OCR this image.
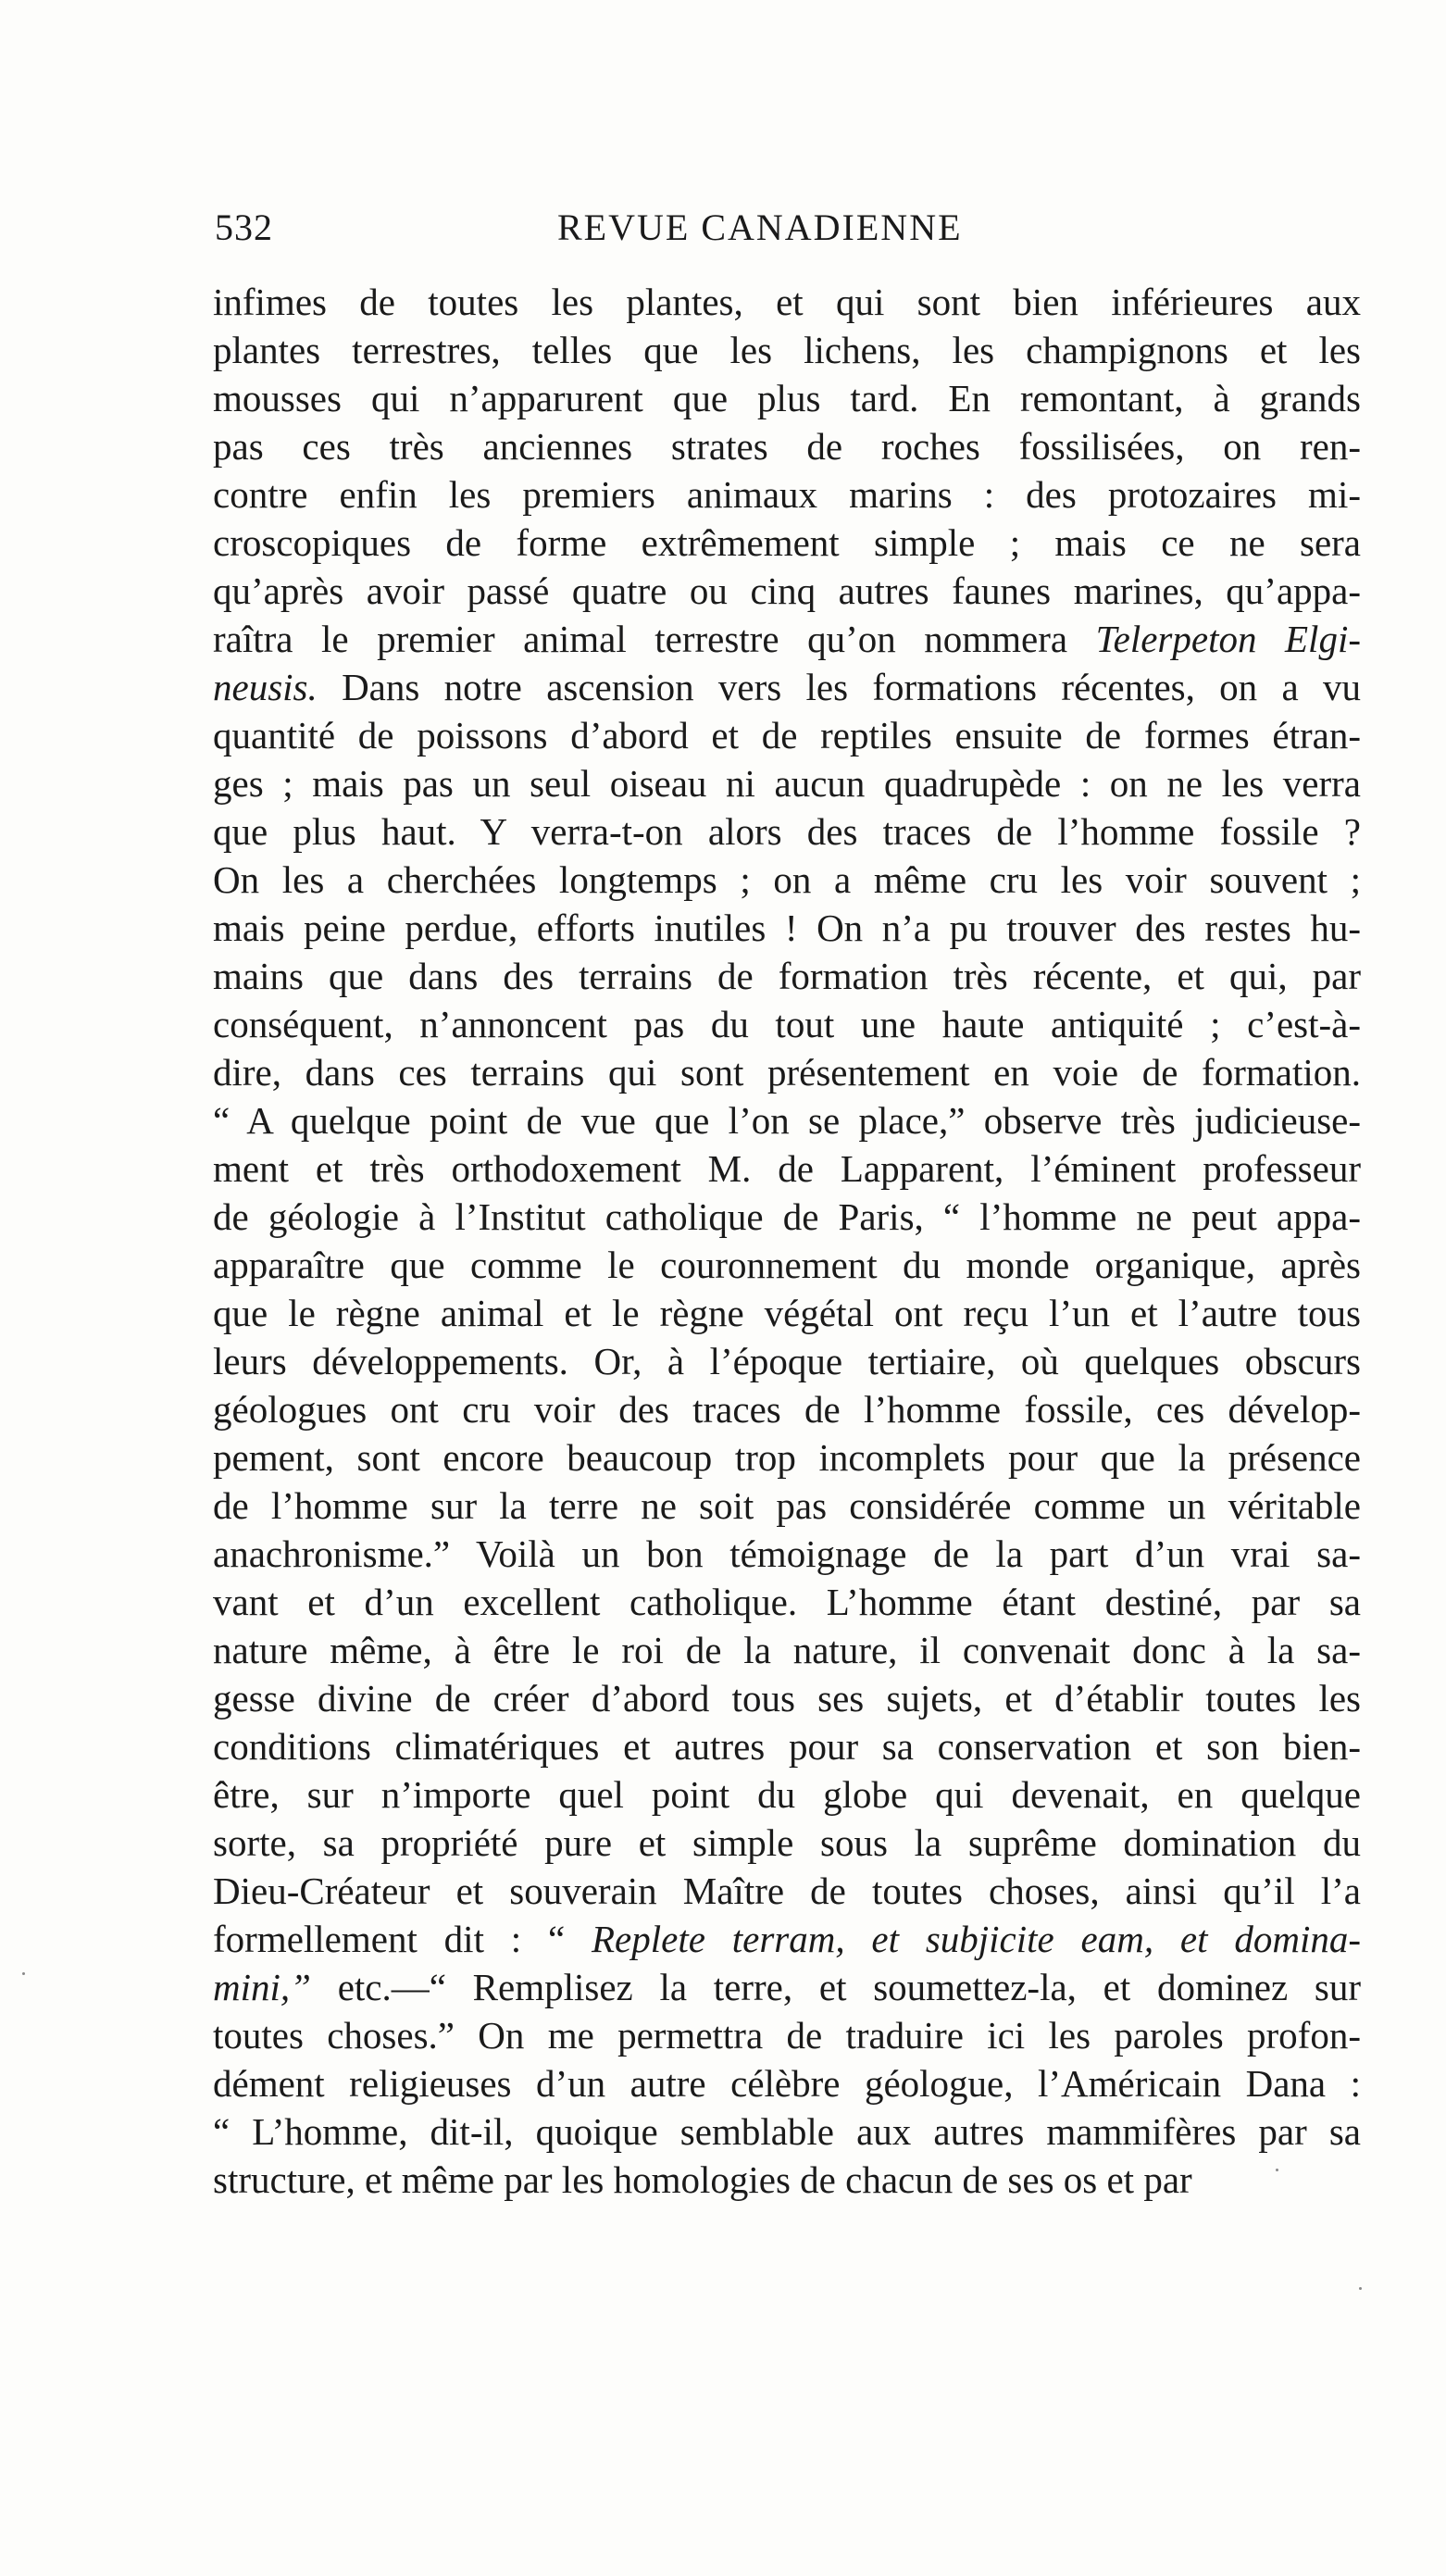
532	REVUE CANADIENNE
infimes de toutes les plantes, et qui sont bien inférieures aux
plantes terrestres, telles que les lichens, les champignons et les
mousses qui n’apparurent que plus tard. En remontant, à grands
pas ces très anciennes strates de roches fossilisées, on ren-
contre enfin les premiers animaux marins : des protozaires mi-
croscopiques de forme extrêmement simple ; mais ce ne sera
qu’après avoir passé quatre ou cinq autres faunes marines, qu’appa-
raîtra le premier animal terrestre qu’on nommera Telerpeton Elgi-
neusis. Dans notre ascension vers les formations récentes, on a vu
quantité de poissons d’abord et de reptiles ensuite de formes étran-
ges ; mais pas un seul oiseau ni aucun quadrupède : on ne les verra
que plus haut. Y verra-t-on alors des traces de l’homme fossile ?
On les a cherchées longtemps ; on a même cru les voir souvent ;
mais peine perdue, efforts inutiles ! On n’a pu trouver des restes hu-
mains que dans des terrains de formation très récente, et qui, par
conséquent, n’annoncent pas du tout une haute antiquité ; c’est-à-
dire, dans ces terrains qui sont présentement en voie de formation.
“ A quelque point de vue que l’on se place,” observe très judicieuse-
ment et très orthodoxement M. de Lapparent, l’éminent professeur
de géologie à l’Institut catholique de Paris, “ l’homme ne peut appa-
apparaître que comme le couronnement du monde organique, après
que le règne animal et le règne végétal ont reçu l’un et l’autre tous
leurs développements. Or, à l’époque tertiaire, où quelques obscurs
géologues ont cru voir des traces de l’homme fossile, ces dévelop-
pement, sont encore beaucoup trop incomplets pour que la présence
de l’homme sur la terre ne soit pas considérée comme un véritable
anachronisme.” Voilà un bon témoignage de la part d’un vrai sa-
vant et d’un excellent catholique. L’homme étant destiné, par sa
nature même, à être le roi de la nature, il convenait donc à la sa-
gesse divine de créer d’abord tous ses sujets, et d’établir toutes les
conditions climatériques et autres pour sa conservation et son bien-
être, sur n’importe quel point du globe qui devenait, en quelque
sorte, sa propriété pure et simple sous la suprême domination du
Dieu-Créateur et souverain Maître de toutes choses, ainsi qu’il l’a
formellement dit : “ Replete terram, et subjicite eam, et domina-
mini,” etc.—“ Remplisez la terre, et soumettez-la, et dominez sur
toutes choses.” On me permettra de traduire ici les paroles profon-
dément religieuses d’un autre célèbre géologue, l’Américain Dana :
“ L’homme, dit-il, quoique semblable aux autres mammifères par sa
structure, et même par les homologies de chacun de ses os et par
